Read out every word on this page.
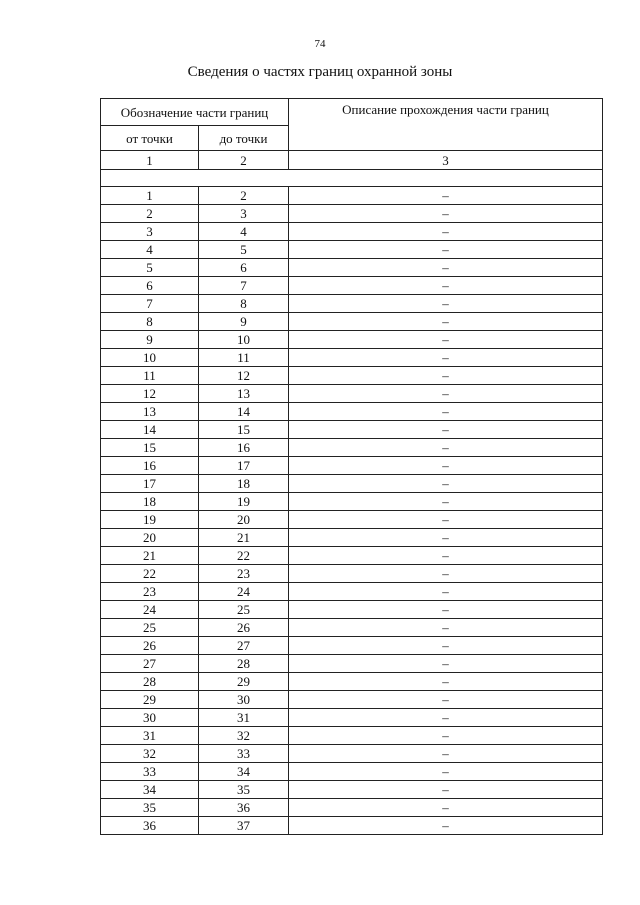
74
Сведения о частях границ охранной зоны
Обозначение части границ		Описание прохождения части границ
от точки	до точки	
1	2	3

1	2	–
2	3	–
3	4	–
4	5	–
5	6	–
6	7	–
7	8	–
8	9	–
9	10	–
10	11	–
11	12	–
12	13	–
13	14	–
14	15	–
15	16	–
16	17	–
17	18	–
18	19	–
19	20	–
20	21	–
21	22	–
22	23	–
23	24	–
24	25	–
25	26	–
26	27	–
27	28	–
28	29	–
29	30	–
30	31	–
31	32	–
32	33	–
33	34	–
34	35	–
35	36	–
36	37	–
